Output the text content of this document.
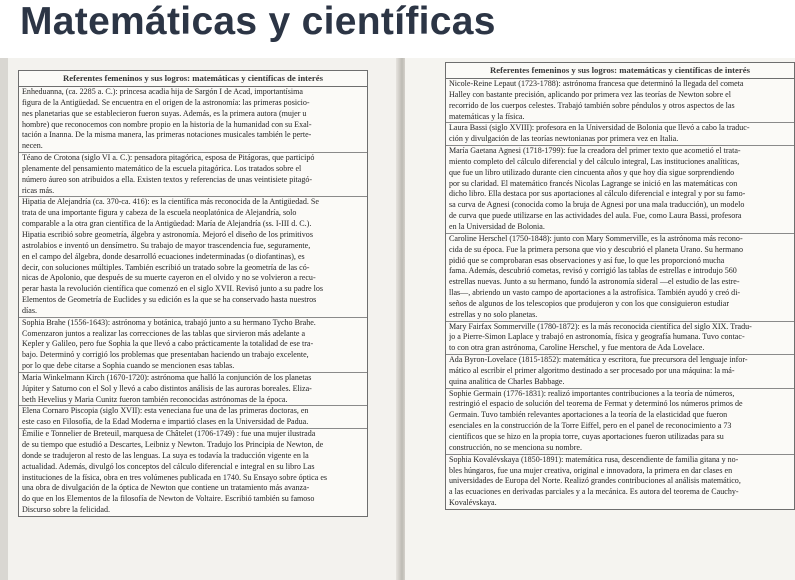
Matemáticas y científicas
Referentes femeninos y sus logros: matemáticas y científicas de interés
Enheduanna, (ca. 2285 a. C.): princesa acadia hija de Sargón I de Acad, importantísima
figura de la Antigüedad. Se encuentra en el origen de la astronomía: las primeras posicio-
nes planetarias que se establecieron fueron suyas. Además, es la primera autora (mujer u
hombre) que reconocemos con nombre propio en la historia de la humanidad con su Exal-
tación a Inanna. De la misma manera, las primeras notaciones musicales también le perte-
necen.
Téano de Crotona (siglo VI a. C.): pensadora pitagórica, esposa de Pitágoras, que participó
plenamente del pensamiento matemático de la escuela pitagórica. Los tratados sobre el
número áureo son atribuidos a ella. Existen textos y referencias de unas veintisiete pitagó-
ricas más.
Hipatia de Alejandría (ca. 370-ca. 416): es la científica más reconocida de la Antigüedad. Se
trata de una importante figura y cabeza de la escuela neoplatónica de Alejandría, solo
comparable a la otra gran científica de la Antigüedad: María de Alejandría (ss. I-III d. C.).
Hipatia escribió sobre geometría, álgebra y astronomía. Mejoró el diseño de los primitivos
astrolabios e inventó un densímetro. Su trabajo de mayor trascendencia fue, seguramente,
en el campo del álgebra, donde desarrolló ecuaciones indeterminadas (o diofantinas), es
decir, con soluciones múltiples. También escribió un tratado sobre la geometría de las có-
nicas de Apolonio, que después de su muerte cayeron en el olvido y no se volvieron a recu-
perar hasta la revolución científica que comenzó en el siglo XVII. Revisó junto a su padre los
Elementos de Geometría de Euclides y su edición es la que se ha conservado hasta nuestros
días.
Sophia Brahe (1556-1643): astrónoma y botánica, trabajó junto a su hermano Tycho Brahe.
Comenzaron juntos a realizar las correcciones de las tablas que sirvieron más adelante a
Kepler y Galileo, pero fue Sophia la que llevó a cabo prácticamente la totalidad de ese tra-
bajo. Determinó y corrigió los problemas que presentaban haciendo un trabajo excelente,
por lo que debe citarse a Sophia cuando se mencionen esas tablas.
Maria Winkelmann Kirch (1670-1720): astrónoma que halló la conjunción de los planetas
Júpiter y Saturno con el Sol y llevó a cabo distintos análisis de las auroras boreales. Eliza-
beth Hevelius y Maria Cunitz fueron también reconocidas astrónomas de la época.
Elena Cornaro Piscopia (siglo XVII): esta veneciana fue una de las primeras doctoras, en
este caso en Filosofía, de la Edad Moderna e impartió clases en la Universidad de Padua.
Émilie e Tonnelier de Breteuil, marquesa de Châtelet (1706-1749) : fue una mujer ilustrada
de su tiempo que estudió a Descartes, Leibniz y Newton. Tradujo los Principia de Newton, de
donde se tradujeron al resto de las lenguas. La suya es todavía la traducción vigente en la
actualidad. Además, divulgó los conceptos del cálculo diferencial e integral en su libro Las
instituciones de la física, obra en tres volúmenes publicada en 1740. Su Ensayo sobre óptica es
una obra de divulgación de la óptica de Newton que contiene un tratamiento más avanza-
do que en los Elementos de la filosofía de Newton de Voltaire. Escribió también su famoso
Discurso sobre la felicidad.
Referentes femeninos y sus logros: matemáticas y científicas de interés
Nicole-Reine Lepaut (1723-1788): astrónoma francesa que determinó la llegada del cometa
Halley con bastante precisión, aplicando por primera vez las teorías de Newton sobre el
recorrido de los cuerpos celestes. Trabajó también sobre péndulos y otros aspectos de las
matemáticas y la física.
Laura Bassi (siglo XVIII): profesora en la Universidad de Bolonia que llevó a cabo la traduc-
ción y divulgación de las teorías newtonianas por primera vez en Italia.
María Gaetana Agnesi (1718-1799): fue la creadora del primer texto que acometió el trata-
miento completo del cálculo diferencial y del cálculo integral, Las instituciones analíticas,
que fue un libro utilizado durante cien cincuenta años y que hoy día sigue sorprendiendo
por su claridad. El matemático francés Nicolas Lagrange se inició en las matemáticas con
dicho libro. Ella destaca por sus aportaciones al cálculo diferencial e integral y por su famo-
sa curva de Agnesi (conocida como la bruja de Agnesi por una mala traducción), un modelo
de curva que puede utilizarse en las actividades del aula. Fue, como Laura Bassi, profesora
en la Universidad de Bolonia.
Caroline Herschel (1750-1848): junto con Mary Sommerville, es la astrónoma más recono-
cida de su época. Fue la primera persona que vio y descubrió el planeta Urano. Su hermano
pidió que se comprobaran esas observaciones y así fue, lo que les proporcionó mucha
fama. Además, descubrió cometas, revisó y corrigió las tablas de estrellas e introdujo 560
estrellas nuevas. Junto a su hermano, fundó la astronomía sideral —el estudio de las estre-
llas—, abriendo un vasto campo de aportaciones a la astrofísica. También ayudó y creó di-
seños de algunos de los telescopios que produjeron y con los que consiguieron estudiar
estrellas y no solo planetas.
Mary Fairfax Sommerville (1780-1872): es la más reconocida científica del siglo XIX. Tradu-
jo a Pierre-Simon Laplace y trabajó en astronomía, física y geografía humana. Tuvo contac-
to con otra gran astrónoma, Caroline Herschel, y fue mentora de Ada Lovelace.
Ada Byron-Lovelace (1815-1852): matemática y escritora, fue precursora del lenguaje infor-
mático al escribir el primer algoritmo destinado a ser procesado por una máquina: la má-
quina analítica de Charles Babbage.
Sophie Germain (1776-1831): realizó importantes contribuciones a la teoría de números,
restringió el espacio de solución del teorema de Fermat y determinó los números primos de
Germain. Tuvo también relevantes aportaciones a la teoría de la elasticidad que fueron
esenciales en la construcción de la Torre Eiffel, pero en el panel de reconocimiento a 73
científicos que se hizo en la propia torre, cuyas aportaciones fueron utilizadas para su
construcción, no se menciona su nombre.
Sophia Kovalévskaya (1850-1891): matemática rusa, descendiente de familia gitana y no-
bles húngaros, fue una mujer creativa, original e innovadora, la primera en dar clases en
universidades de Europa del Norte. Realizó grandes contribuciones al análisis matemático,
a las ecuaciones en derivadas parciales y a la mecánica. Es autora del teorema de Cauchy-
Kovalévskaya.
